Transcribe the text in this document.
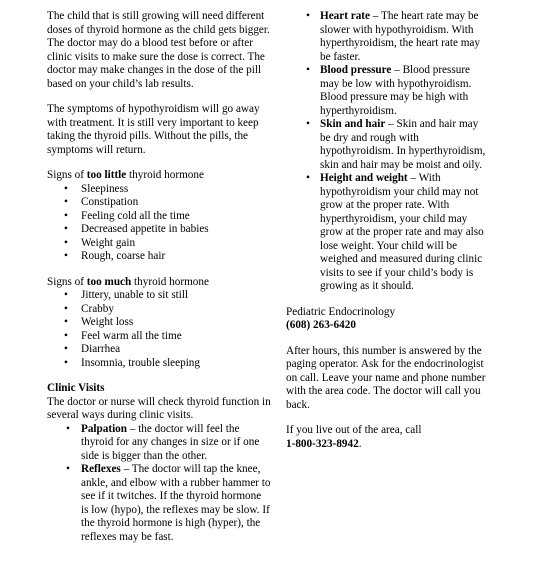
The child that is still growing will need different doses of thyroid hormone as the child gets bigger. The doctor may do a blood test before or after clinic visits to make sure the dose is correct. The doctor may make changes in the dose of the pill based on your child’s lab results.

The symptoms of hypothyroidism will go away with treatment. It is still very important to keep taking the thyroid pills. Without the pills, the symptoms will return.

Signs of too little thyroid hormone

• Sleepiness
• Constipation
• Feeling cold all the time
• Decreased appetite in babies
• Weight gain
• Rough, coarse hair

Signs of too much thyroid hormone

• Jittery, unable to sit still
• Crabby
• Weight loss
• Feel warm all the time
• Diarrhea
• Insomnia, trouble sleeping

Clinic Visits

The doctor or nurse will check thyroid function in several ways during clinic visits.

• Palpation – the doctor will feel the thyroid for any changes in size or if one side is bigger than the other.
• Reflexes – The doctor will tap the knee, ankle, and elbow with a rubber hammer to see if it twitches. If the thyroid hormone is low (hypo), the reflexes may be slow. If the thyroid hormone is high (hyper), the reflexes may be fast.
• Heart rate – The heart rate may be slower with hypothyroidism. With hyperthyroidism, the heart rate may be faster.
• Blood pressure – Blood pressure may be low with hypothyroidism. Blood pressure may be high with hyperthyroidism.
• Skin and hair – Skin and hair may be dry and rough with hypothyroidism. In hyperthyroidism, skin and hair may be moist and oily.
• Height and weight – With hypothyroidism your child may not grow at the proper rate. With hyperthyroidism, your child may grow at the proper rate and may also lose weight. Your child will be weighed and measured during clinic visits to see if your child’s body is growing as it should.

Pediatric Endocrinology

(608) 263-6420

After hours, this number is answered by the paging operator. Ask for the endocrinologist on call. Leave your name and phone number with the area code. The doctor will call you back.

If you live out of the area, call

1-800-323-8942.
